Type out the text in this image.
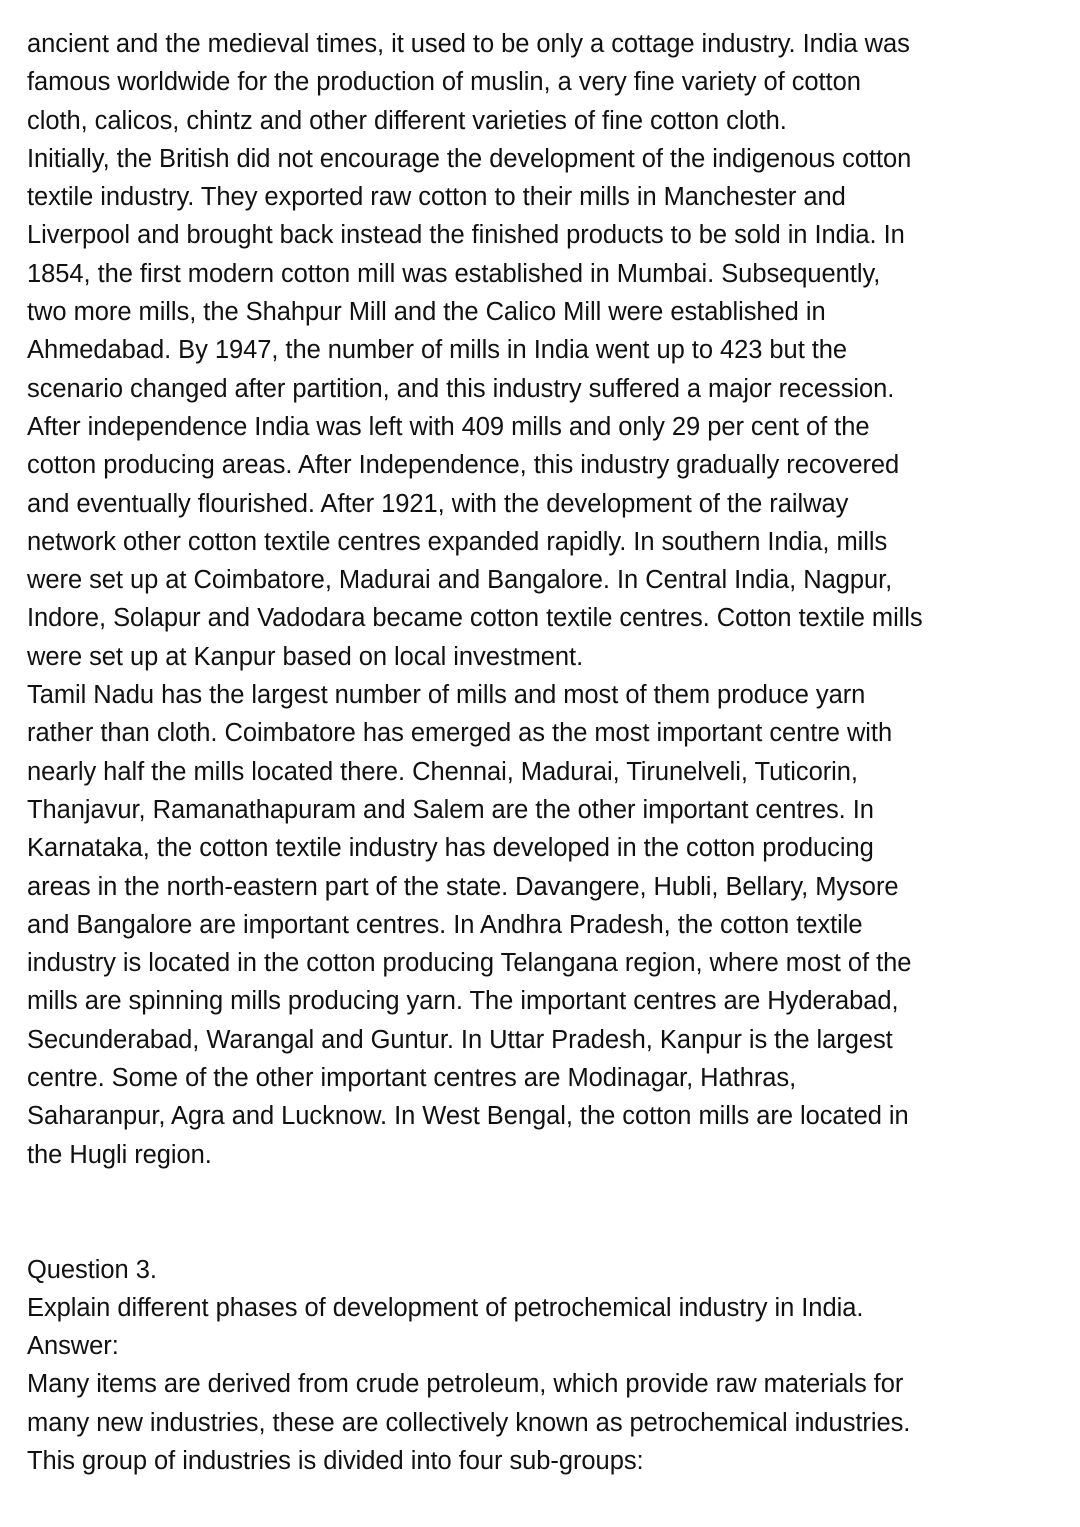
ancient and the medieval times, it used to be only a cottage industry. India was
famous worldwide for the production of muslin, a very fine variety of cotton
cloth, calicos, chintz and other different varieties of fine cotton cloth.

Initially, the British did not encourage the development of the indigenous cotton
textile industry. They exported raw cotton to their mills in Manchester and
Liverpool and brought back instead the finished products to be sold in India. In
1854, the first modern cotton mill was established in Mumbai. Subsequently,
two more mills, the Shahpur Mill and the Calico Mill were established in
Ahmedabad. By 1947, the number of mills in India went up to 423 but the
scenario changed after partition, and this industry suffered a major recession.
After independence India was left with 409 mills and only 29 per cent of the
cotton producing areas. After Independence, this industry gradually recovered
and eventually flourished. After 1921, with the development of the railway
network other cotton textile centres expanded rapidly. In southern India, mills
were set up at Coimbatore, Madurai and Bangalore. In Central India, Nagpur,
Indore, Solapur and Vadodara became cotton textile centres. Cotton textile mills
were set up at Kanpur based on local investment.

Tamil Nadu has the largest number of mills and most of them produce yarn
rather than cloth. Coimbatore has emerged as the most important centre with
nearly half the mills located there. Chennai, Madurai, Tirunelveli, Tuticorin,
Thanjavur, Ramanathapuram and Salem are the other important centres. In
Karnataka, the cotton textile industry has developed in the cotton producing
areas in the north-eastern part of the state. Davangere, Hubli, Bellary, Mysore
and Bangalore are important centres. In Andhra Pradesh, the cotton textile
industry is located in the cotton producing Telangana region, where most of the
mills are spinning mills producing yarn. The important centres are Hyderabad,
Secunderabad, Warangal and Guntur. In Uttar Pradesh, Kanpur is the largest
centre. Some of the other important centres are Modinagar, Hathras,
Saharanpur, Agra and Lucknow. In West Bengal, the cotton mills are located in
the Hugli region.

Question 3.
Explain different phases of development of petrochemical industry in India.
Answer:
Many items are derived from crude petroleum, which provide raw materials for
many new industries, these are collectively known as petrochemical industries.
This group of industries is divided into four sub-groups:
